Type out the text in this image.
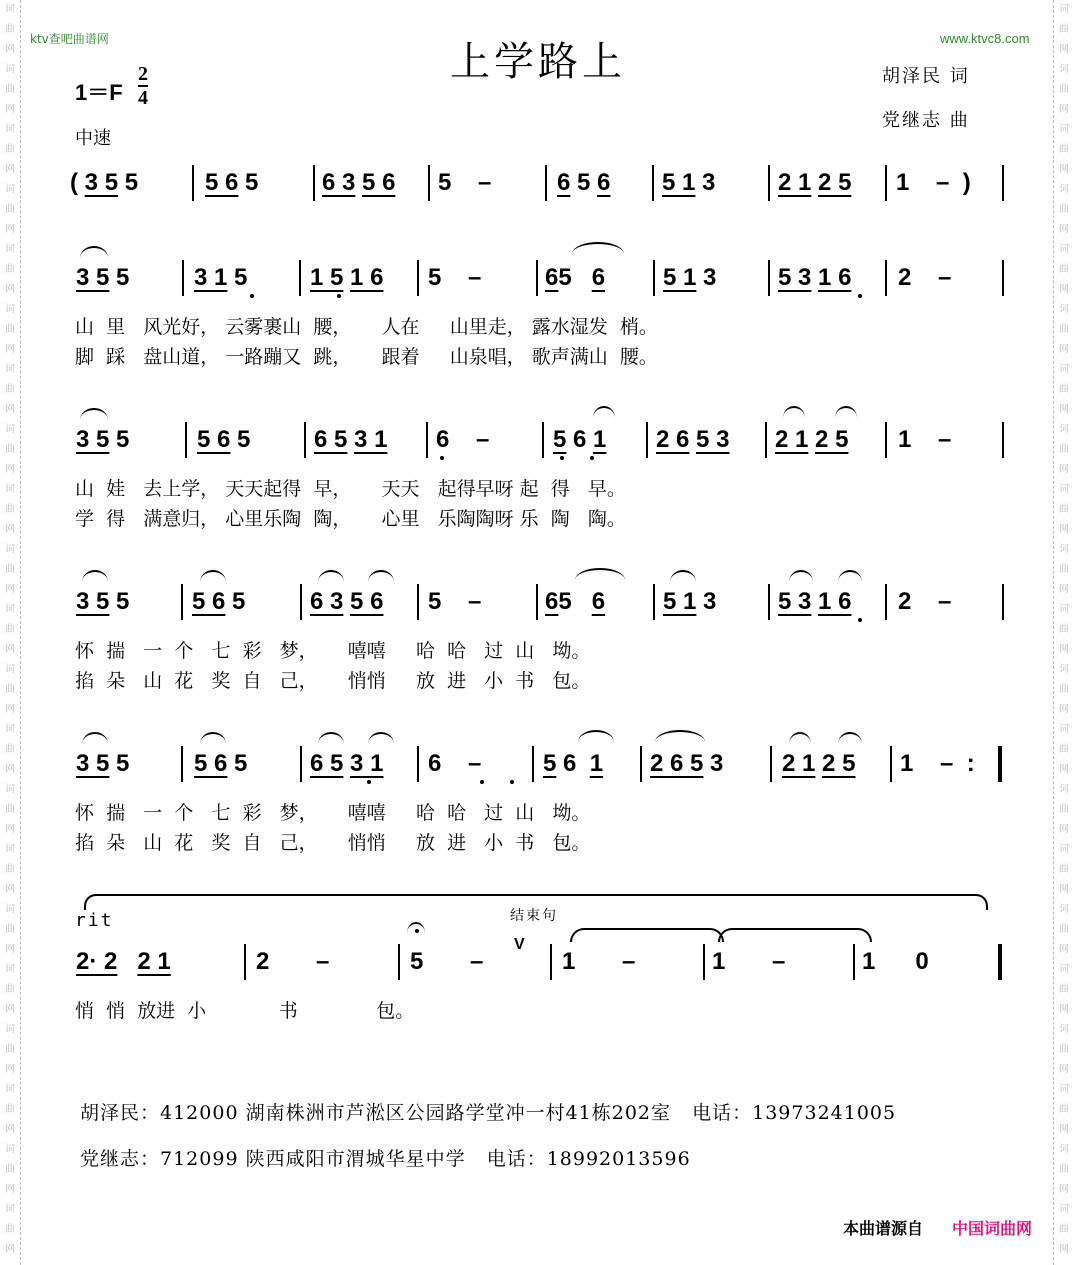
词
曲
网
词
曲
网
词
曲
网
词
曲
网
词
曲
网
词
曲
网
词
曲
网
词
曲
网
词
曲
网
词
曲
网
词
曲
网
词
曲
网
词
曲
网
词
曲
网
词
曲
网
词
曲
网
词
曲
网
词
曲
网
词
曲
网
词
曲
网
词
曲
网
词
曲
网
词
曲
网
词
曲
网
词
曲
网
词
曲
网
词
曲
网
词
曲
网
词
曲
网
词
曲
网
词
曲
网
词
曲
网
词
曲
网
词
曲
网
词
曲
网
词
曲
网
词
曲
网
词
曲
网
词
曲
网
词
曲
网
词
曲
网
词
曲
网
ktv查吧曲谱网	www.ktvc8.com
上学路上
1＝F
2
4
中速
胡泽民 词
党继志 曲
( 3 5 5	5 6 5	6 3 5 6 5    –	6 5 6 5 1 3	2 1 2 5 1    –  )
3 5 5	3 1 5	1 5 1 6 5    –	65   6 5 1 3	5 3 1 6 2    –
山  里   风光好， 云雾裹山  腰，     人在     山里走， 露水湿发  梢。
脚  踩   盘山道， 一路蹦又  跳，     跟着     山泉唱， 歌声满山  腰。
3 5 5	5 6 5	6 5 3 1 6    –	5 6 1 2 6 5 3 2 1 2 5 1    –
山  娃   去上学， 天天起得  早，     天天   起得早呀 起  得   早。
学  得   满意归， 心里乐陶  陶，     心里   乐陶陶呀 乐  陶   陶。
3 5 5	5 6 5	6 3 5 6 5    –	65   6 5 1 3	5 3 1 6 2    –
怀  揣   一  个   七  彩   梦，     嘻嘻     哈  哈   过  山   坳。
掐  朵   山  花   奖  自   己，     悄悄     放  进   小  书   包。
3 5 5	5 6 5	6 5 3 1 6    –	5 6  1 2 6 5 3 2 1 2 5 1    –  :
怀  揣   一  个   七  彩   梦，     嘻嘻     哈  哈   过  山   坳。
掐  朵   山  花   奖  自   己，     悄悄     放  进   小  书   包。
rit	结束句
V
2· 2 2 1	2       –	5       –	1       –	1       –	1      0
悄  悄  放进  小            书             包。
胡泽民：412000 湖南株洲市芦淞区公园路学堂冲一村41栋202室   电话：13973241005
党继志：712099 陕西咸阳市渭城华星中学   电话：18992013596
本曲谱源自 中国词曲网
